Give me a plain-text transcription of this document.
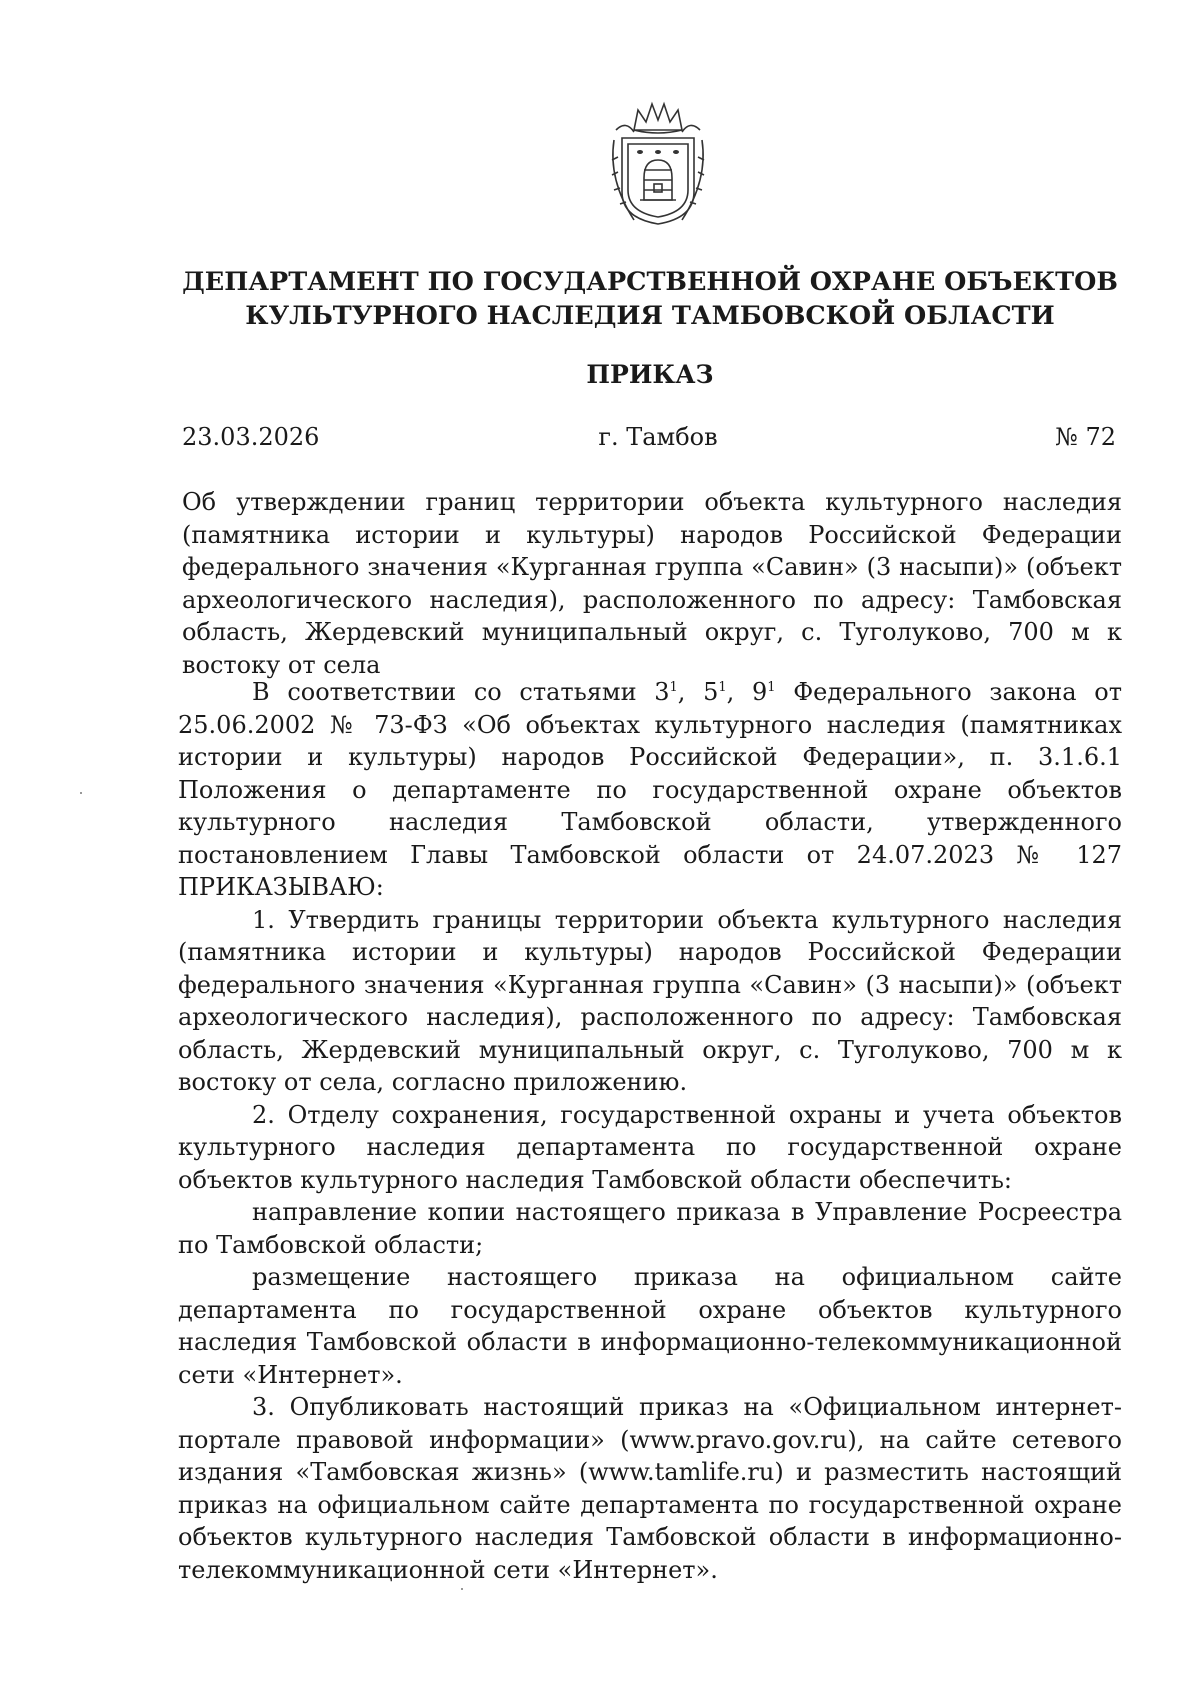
ДЕПАРТАМЕНТ ПО ГОСУДАРСТВЕННОЙ ОХРАНЕ ОБЪЕКТОВ
КУЛЬТУРНОГО НАСЛЕДИЯ ТАМБОВСКОЙ ОБЛАСТИ
ПРИКАЗ
23.03.2026	г. Тамбов	№ 72
Об утверждении границ территории объекта культурного наследия (памятника истории и культуры) народов Российской Федерации федерального значения «Курганная группа «Савин» (3 насыпи)» (объект археологического наследия), расположенного по адресу: Тамбовская область, Жердевский муниципальный округ, с. Туголуково, 700 м к востоку от села

В соответствии со статьями $3^1$, $5^1$, $9^1$ Федерального закона от 25.06.2002 № 73-ФЗ «Об объектах культурного наследия (памятниках истории и культуры) народов Российской Федерации», п. 3.1.6.1 Положения о департаменте по государственной охране объектов культурного наследия Тамбовской области, утвержденного постановлением Главы Тамбовской области от 24.07.2023 № 127 ПРИКАЗЫВАЮ:

1. Утвердить границы территории объекта культурного наследия (памятника истории и культуры) народов Российской Федерации федерального значения «Курганная группа «Савин» (3 насыпи)» (объект археологического наследия), расположенного по адресу: Тамбовская область, Жердевский муниципальный округ, с. Туголуково, 700 м к востоку от села, согласно приложению.

2. Отделу сохранения, государственной охраны и учета объектов культурного наследия департамента по государственной охране объектов культурного наследия Тамбовской области обеспечить:

направление копии настоящего приказа в Управление Росреестра по Тамбовской области;

размещение настоящего приказа на официальном сайте департамента по государственной охране объектов культурного наследия Тамбовской области в информационно-телекоммуникационной сети «Интернет».

3. Опубликовать настоящий приказ на «Официальном интернет-портале правовой информации» (www.pravo.gov.ru), на сайте сетевого издания «Тамбовская жизнь» (www.tamlife.ru) и разместить настоящий приказ на официальном сайте департамента по государственной охране объектов культурного наследия Тамбовской области в информационно-телекоммуникационной сети «Интернет».
